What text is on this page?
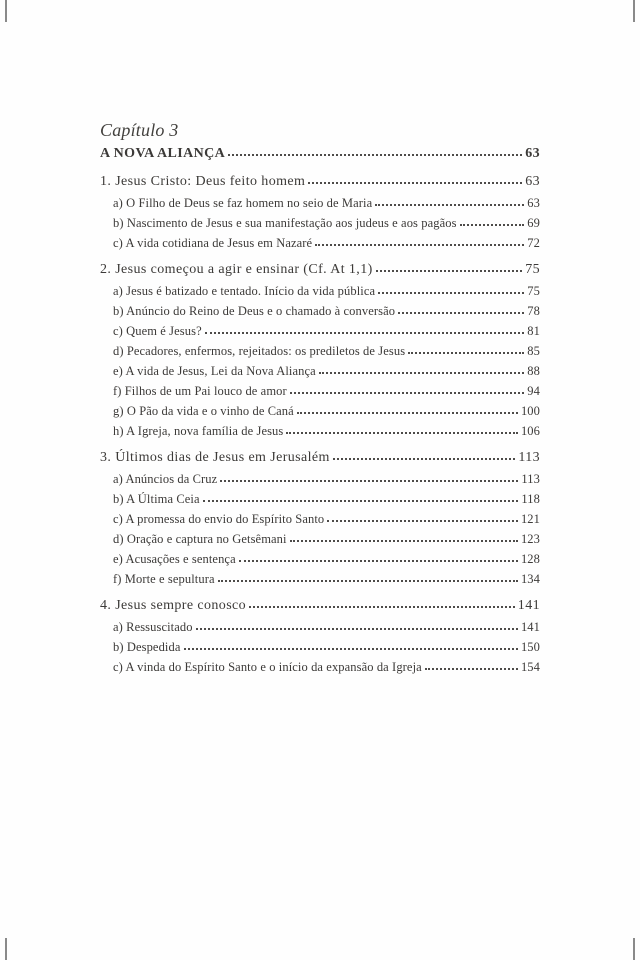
Capítulo 3
A NOVA ALIANÇA	63
1. Jesus Cristo: Deus feito homem	63
a) O Filho de Deus se faz homem no seio de Maria	63
b) Nascimento de Jesus e sua manifestação aos judeus e aos pagãos	69
c) A vida cotidiana de Jesus em Nazaré	72
2. Jesus começou a agir e ensinar (Cf. At 1,1)	75
a) Jesus é batizado e tentado. Início da vida pública	75
b) Anúncio do Reino de Deus e o chamado à conversão	78
c) Quem é Jesus?	81
d) Pecadores, enfermos, rejeitados: os prediletos de Jesus	85
e) A vida de Jesus, Lei da Nova Aliança	88
f) Filhos de um Pai louco de amor	94
g) O Pão da vida e o vinho de Caná	100
h) A Igreja, nova família de Jesus	106
3. Últimos dias de Jesus em Jerusalém	113
a) Anúncios da Cruz	113
b) A Última Ceia	118
c) A promessa do envio do Espírito Santo	121
d) Oração e captura no Getsêmani	123
e) Acusações e sentença	128
f) Morte e sepultura	134
4. Jesus sempre conosco	141
a) Ressuscitado	141
b) Despedida	150
c) A vinda do Espírito Santo e o início da expansão da Igreja	154
